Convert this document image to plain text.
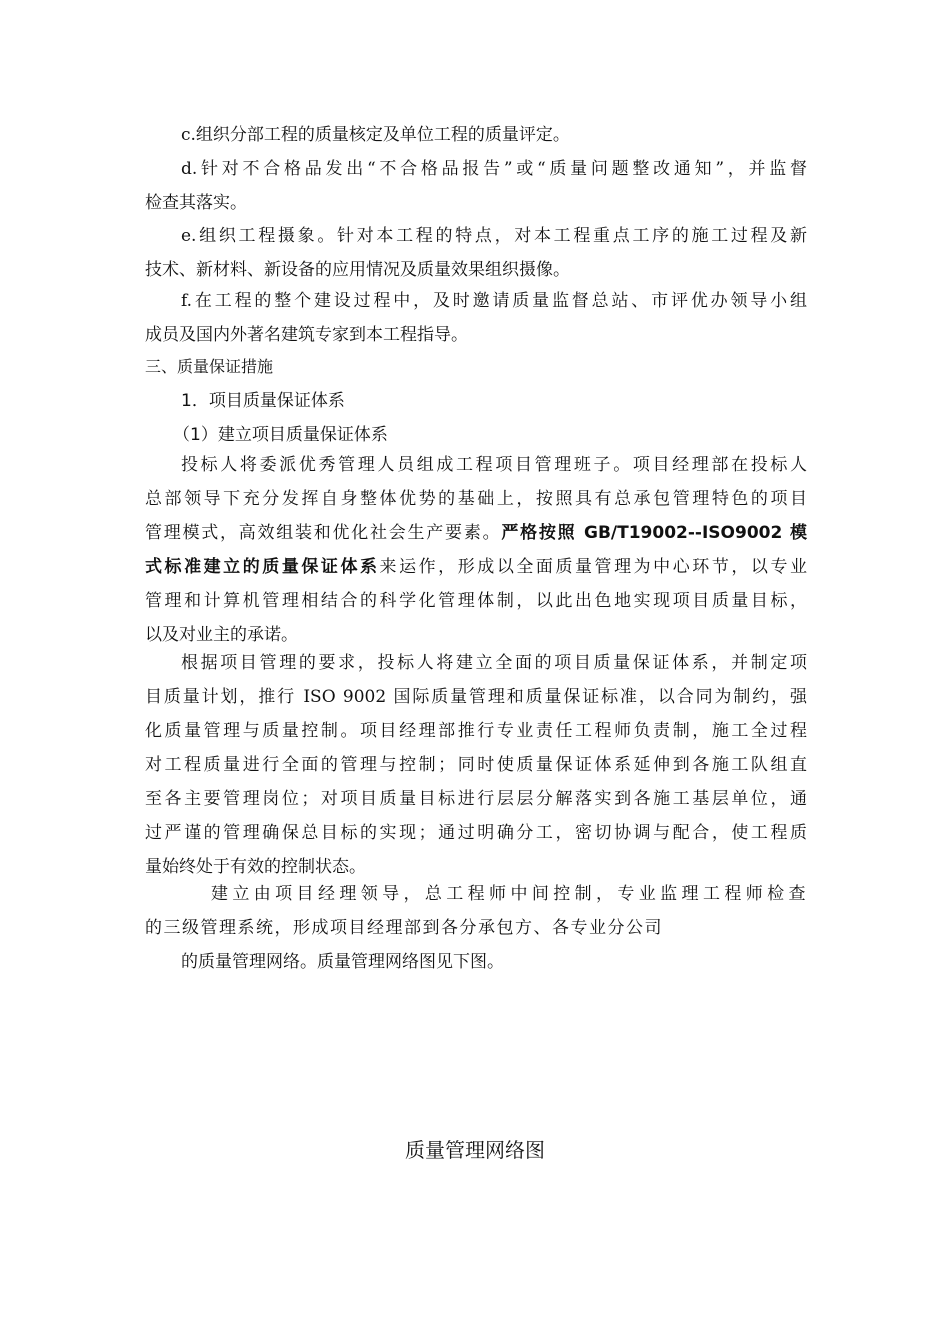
c.组织分部工程的质量核定及单位工程的质量评定。
d.针对不合格品发出“不合格品报告”或“质量问题整改通知”，并监督
检查其落实。
e.组织工程摄象。针对本工程的特点，对本工程重点工序的施工过程及新
技术、新材料、新设备的应用情况及质量效果组织摄像。
f.在工程的整个建设过程中，及时邀请质量监督总站、市评优办领导小组
成员及国内外著名建筑专家到本工程指导。
三、质量保证措施
1．项目质量保证体系
（1）建立项目质量保证体系
投标人将委派优秀管理人员组成工程项目管理班子。项目经理部在投标人
总部领导下充分发挥自身整体优势的基础上，按照具有总承包管理特色的项目
管理模式，高效组装和优化社会生产要素。严格按照 GB/T19002--ISO9002 模
式标准建立的质量保证体系来运作，形成以全面质量管理为中心环节，以专业
管理和计算机管理相结合的科学化管理体制，以此出色地实现项目质量目标，
以及对业主的承诺。
根据项目管理的要求，投标人将建立全面的项目质量保证体系，并制定项
目质量计划，推行 ISO 9002 国际质量管理和质量保证标准，以合同为制约，强
化质量管理与质量控制。项目经理部推行专业责任工程师负责制，施工全过程
对工程质量进行全面的管理与控制；同时使质量保证体系延伸到各施工队组直
至各主要管理岗位；对项目质量目标进行层层分解落实到各施工基层单位，通
过严谨的管理确保总目标的实现；通过明确分工，密切协调与配合，使工程质
量始终处于有效的控制状态。
建立由项目经理领导，总工程师中间控制，专业监理工程师检查
的三级管理系统，形成项目经理部到各分承包方、各专业分公司
的质量管理网络。质量管理网络图见下图。
质量管理网络图
